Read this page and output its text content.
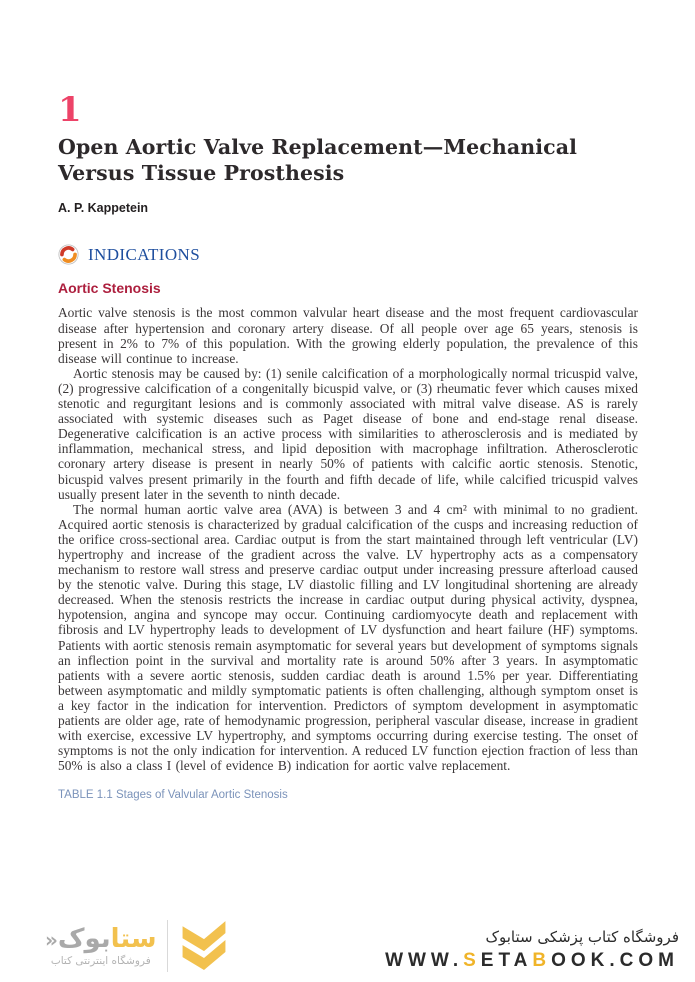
1
Open Aortic Valve Replacement—Mechanical Versus Tissue Prosthesis
A. P. Kappetein
INDICATIONS
Aortic Stenosis

Aortic valve stenosis is the most common valvular heart disease and the most frequent cardiovascular disease after hypertension and coronary artery disease. Of all people over age 65 years, stenosis is present in 2% to 7% of this population. With the growing elderly population, the prevalence of this disease will continue to increase.

Aortic stenosis may be caused by: (1) senile calcification of a morphologically normal tricuspid valve, (2) progressive calcification of a congenitally bicuspid valve, or (3) rheumatic fever which causes mixed stenotic and regurgitant lesions and is commonly associated with mitral valve disease. AS is rarely associated with systemic diseases such as Paget disease of bone and end-stage renal disease. Degenerative calcification is an active process with similarities to atherosclerosis and is mediated by inflammation, mechanical stress, and lipid deposition with macrophage infiltration. Atherosclerotic coronary artery disease is present in nearly 50% of patients with calcific aortic stenosis. Stenotic, bicuspid valves present primarily in the fourth and fifth decade of life, while calcified tricuspid valves usually present later in the seventh to ninth decade.

The normal human aortic valve area (AVA) is between 3 and 4 cm² with minimal to no gradient. Acquired aortic stenosis is characterized by gradual calcification of the cusps and increasing reduction of the orifice cross-sectional area. Cardiac output is from the start maintained through left ventricular (LV) hypertrophy and increase of the gradient across the valve. LV hypertrophy acts as a compensatory mechanism to restore wall stress and preserve cardiac output under increasing pressure afterload caused by the stenotic valve. During this stage, LV diastolic filling and LV longitudinal shortening are already decreased. When the stenosis restricts the increase in cardiac output during physical activity, dyspnea, hypotension, angina and syncope may occur. Continuing cardiomyocyte death and replacement with fibrosis and LV hypertrophy leads to development of LV dysfunction and heart failure (HF) symptoms. Patients with aortic stenosis remain asymptomatic for several years but development of symptoms signals an inflection point in the survival and mortality rate is around 50% after 3 years. In asymptomatic patients with a severe aortic stenosis, sudden cardiac death is around 1.5% per year. Differentiating between asymptomatic and mildly symptomatic patients is often challenging, although symptom onset is a key factor in the indication for intervention. Predictors of symptom development in asymptomatic patients are older age, rate of hemodynamic progression, peripheral vascular disease, increase in gradient with exercise, excessive LV hypertrophy, and symptoms occurring during exercise testing. The onset of symptoms is not the only indication for intervention. A reduced LV function ejection fraction of less than 50% is also a class I (level of evidence B) indication for aortic valve replacement.

TABLE 1.1 Stages of Valvular Aortic Stenosis
ستابوک«
فروشگاه اینترنتی کتاب
فروشگاه کتاب پزشکی ستابوک
WWW.SETABOOK.COM
